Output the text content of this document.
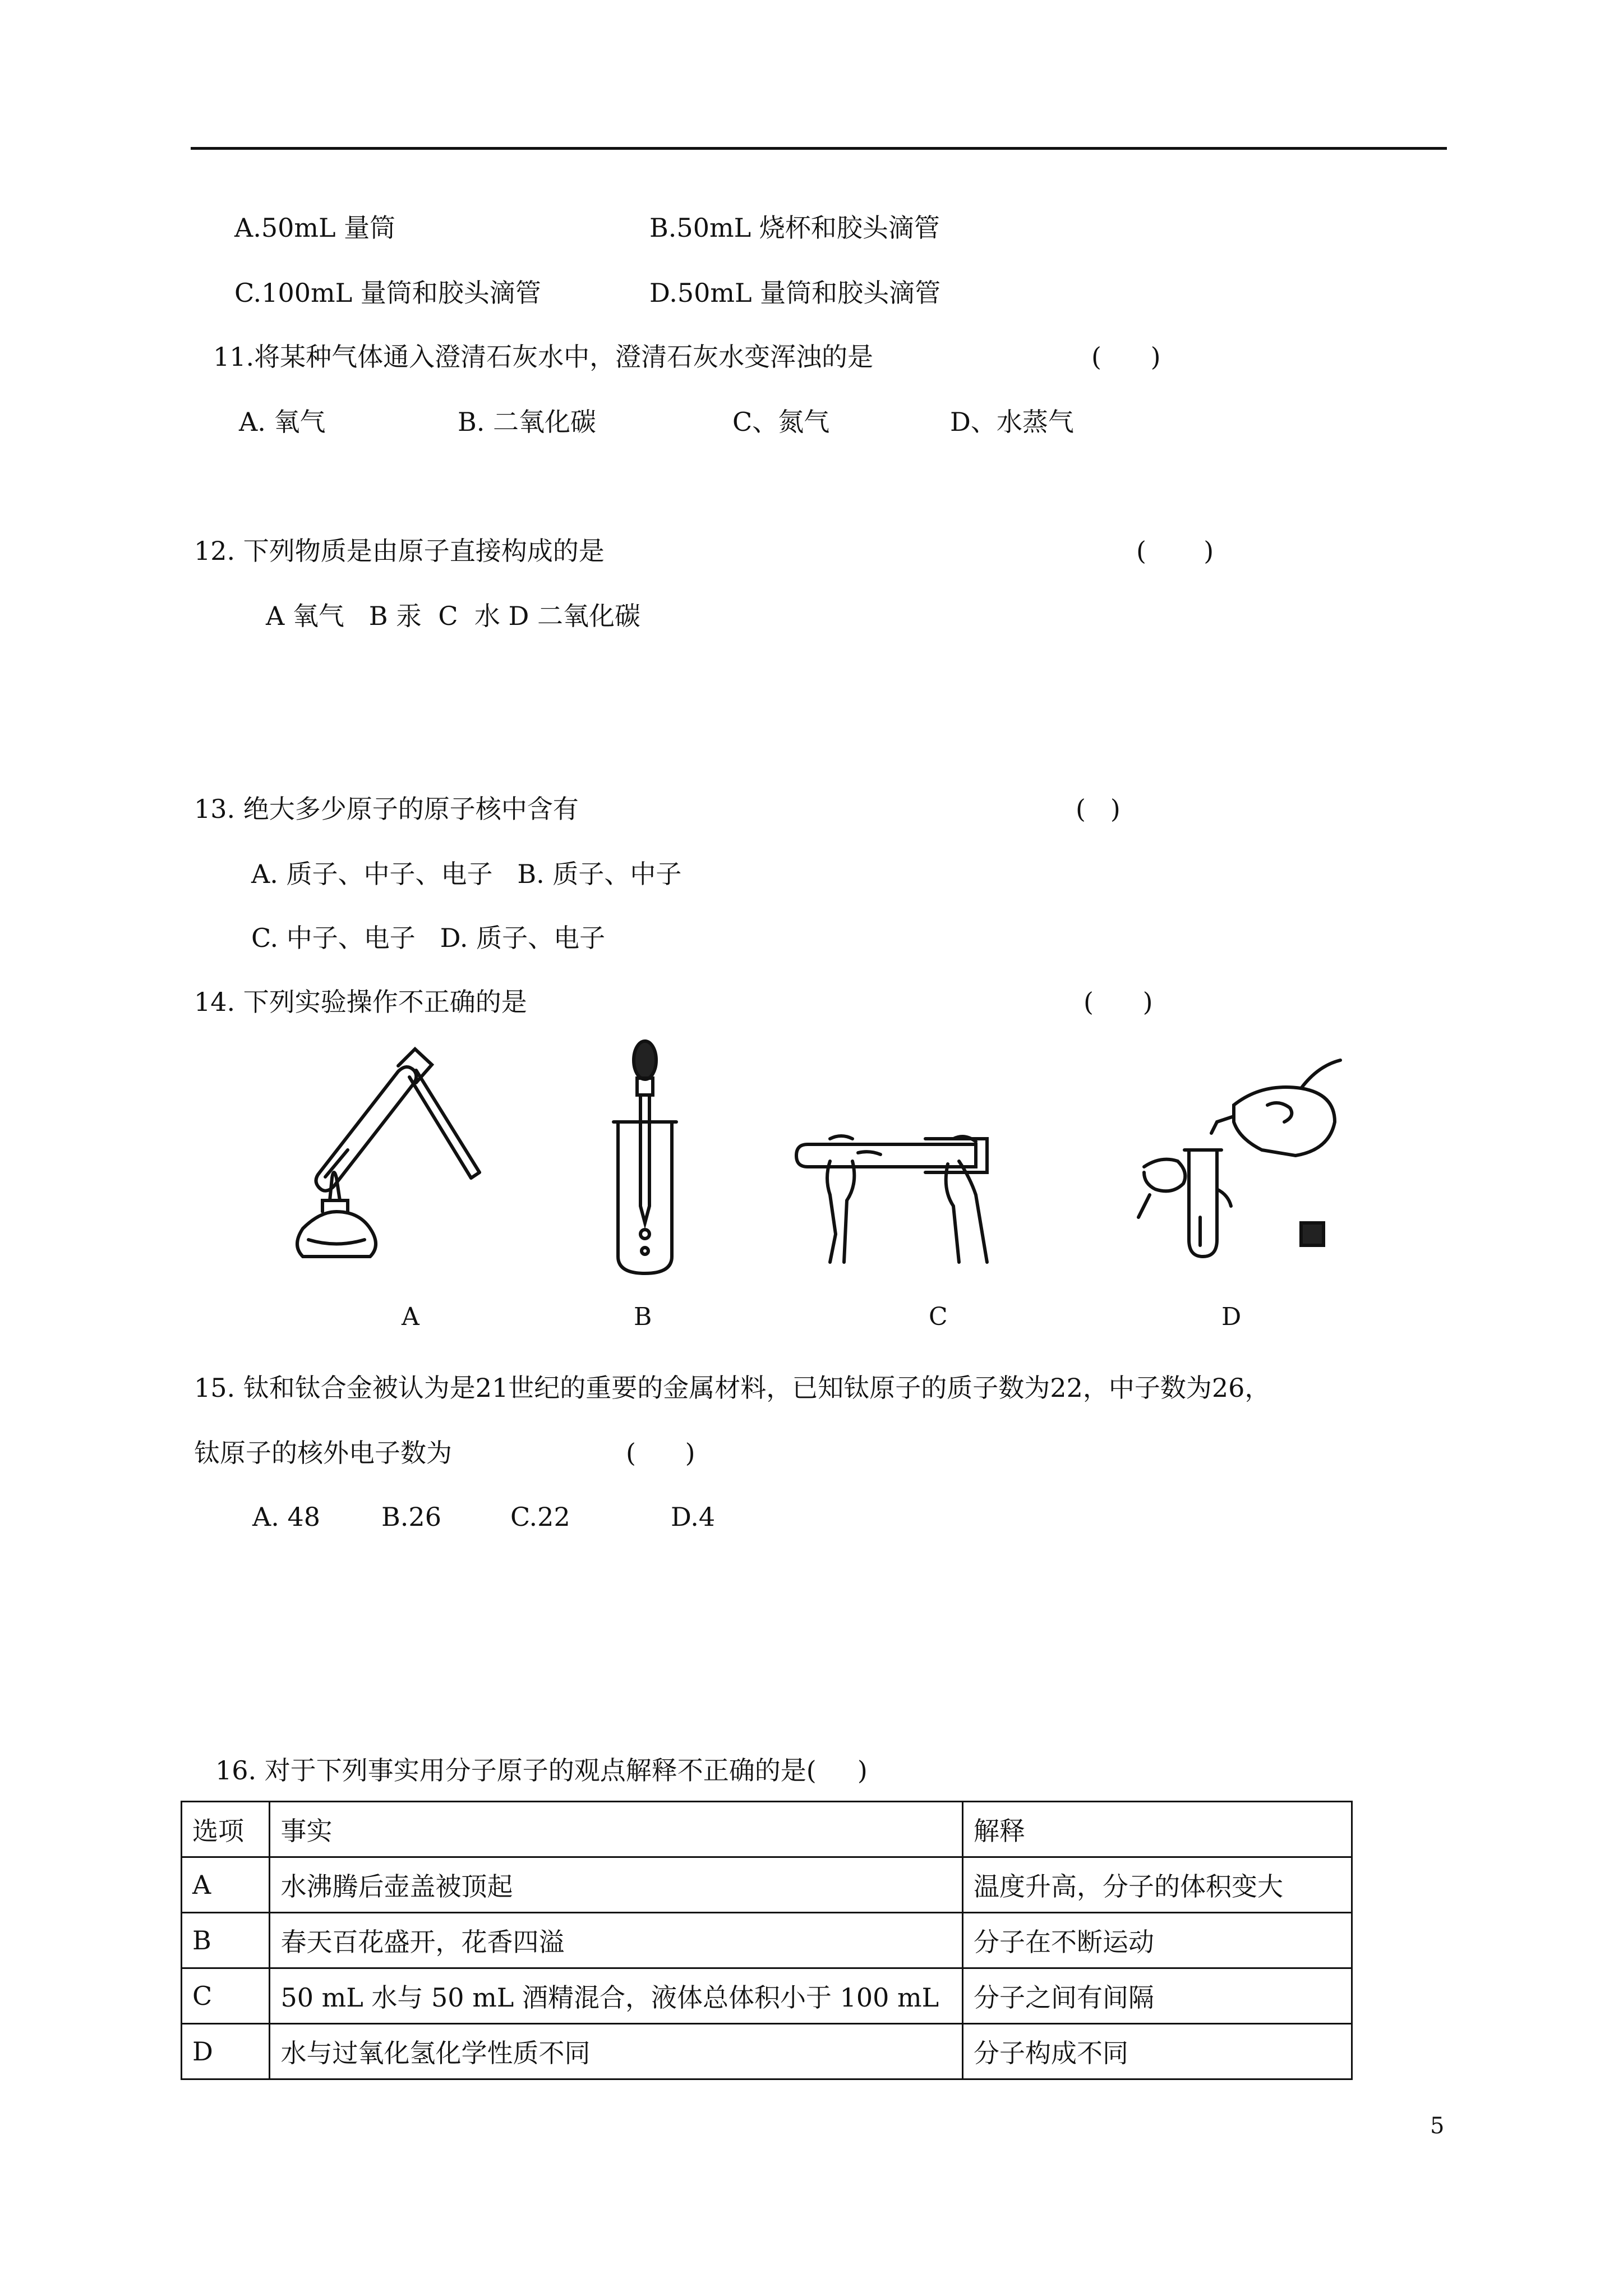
A.50mL 量筒	B.50mL 烧杯和胶头滴管
C.100mL 量筒和胶头滴管	D.50mL 量筒和胶头滴管
11.将某种气体通入澄清石灰水中，澄清石灰水变浑浊的是	(      )
A. 氧气	B. 二氧化碳	C、氮气	D、水蒸气
12. 下列物质是由原子直接构成的是	(       )
A 氧气   B 汞  C  水 D 二氧化碳
13. 绝大多少原子的原子核中含有	(   )
A. 质子、中子、电子   B. 质子、中子
C. 中子、电子   D. 质子、电子
14. 下列实验操作不正确的是	(      )
A	B	C	D
15. 钛和钛合金被认为是21世纪的重要的金属材料，已知钛原子的质子数为22，中子数为26，
钛原子的核外电子数为	(      )
A. 48 B.26	C.22	D.4
16. 对于下列事实用分子原子的观点解释不正确的是(     )
选项	事实	解释
A	水沸腾后壶盖被顶起	温度升高，分子的体积变大
B	春天百花盛开，花香四溢	分子在不断运动
C	50 mL 水与 50 mL 酒精混合，液体总体积小于 100 mL	分子之间有间隔
D	水与过氧化氢化学性质不同	分子构成不同
5
